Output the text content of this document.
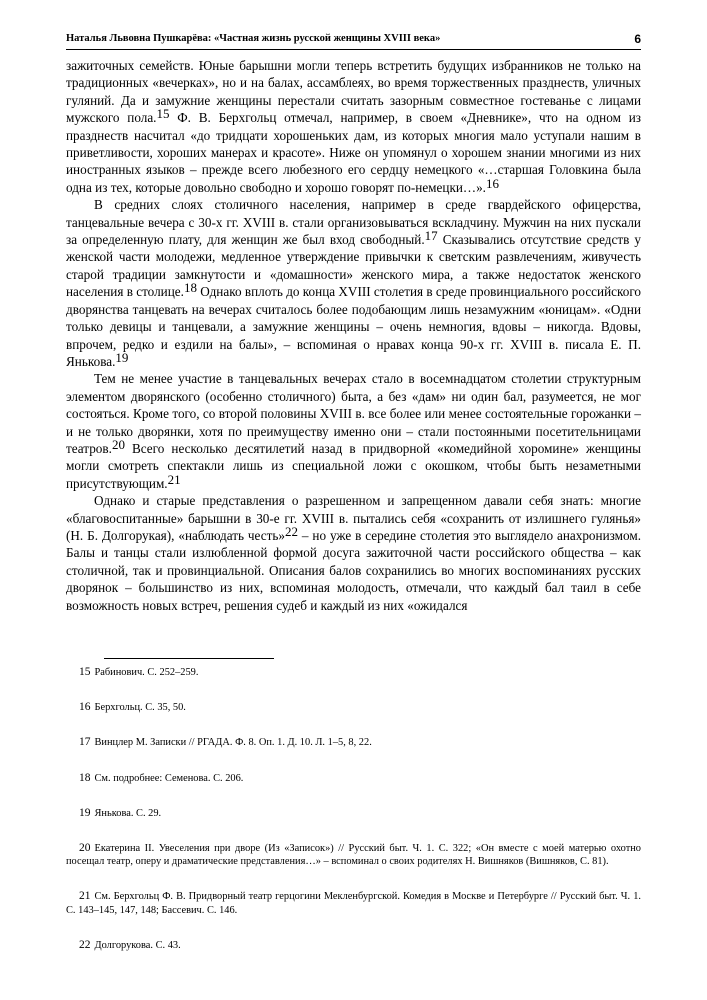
Наталья Львовна Пушкарёва: «Частная жизнь русской женщины XVIII века»	6

зажиточных семейств. Юные барышни могли теперь встретить будущих избранников не только на традиционных «вечерках», но и на балах, ассамблеях, во время торжественных празднеств, уличных гуляний. Да и замужние женщины перестали считать зазорным совместное гостеванье с лицами мужского пола.15 Ф. В. Берхгольц отмечал, например, в своем «Дневнике», что на одном из празднеств насчитал «до тридцати хорошеньких дам, из которых многия мало уступали нашим в приветливости, хороших манерах и красоте». Ниже он упомянул о хорошем знании многими из них иностранных языков – прежде всего любезного его сердцу немецкого «…старшая Головкина была одна из тех, которые довольно свободно и хорошо говорят по-немецки…».16

В средних слоях столичного населения, например в среде гвардейского офицерства, танцевальные вечера с 30-х гг. XVIII в. стали организовываться вскладчину. Мужчин на них пускали за определенную плату, для женщин же был вход свободный.17 Сказывались отсутствие средств у женской части молодежи, медленное утверждение привычки к светским развлечениям, живучесть старой традиции замкнутости и «домашности» женского мира, а также недостаток женского населения в столице.18 Однако вплоть до конца XVIII столетия в среде провинциального российского дворянства танцевать на вечерах считалось более подобающим лишь незамужним «юницам». «Одни только девицы и танцевали, а замужние женщины – очень немногия, вдовы – никогда. Вдовы, впрочем, редко и ездили на балы», – вспоминая о нравах конца 90-х гг. XVIII в. писала Е. П. Янькова.19

Тем не менее участие в танцевальных вечерах стало в восемнадцатом столетии структурным элементом дворянского (особенно столичного) быта, а без «дам» ни один бал, разумеется, не мог состояться. Кроме того, со второй половины XVIII в. все более или менее состоятельные горожанки – и не только дворянки, хотя по преимуществу именно они – стали постоянными посетительницами театров.20 Всего несколько десятилетий назад в придворной «комедийной хоромине» женщины могли смотреть спектакли лишь из специальной ложи с окошком, чтобы быть незаметными присутствующим.21

Однако и старые представления о разрешенном и запрещенном давали себя знать: многие «благовоспитанные» барышни в 30-е гг. XVIII в. пытались себя «сохранить от излишнего гулянья» (Н. Б. Долгорукая), «наблюдать честь»22 – но уже в середине столетия это выглядело анахронизмом. Балы и танцы стали излюбленной формой досуга зажиточной части российского общества – как столичной, так и провинциальной. Описания балов сохранились во многих воспоминаниях русских дворянок – большинство из них, вспоминая молодость, отмечали, что каждый бал таил в себе возможность новых встреч, решения судеб и каждый из них «ожидался

15 Рабинович. С. 252–259.

16 Берхгольц. С. 35, 50.

17 Винцлер М. Записки // РГАДА. Ф. 8. Оп. 1. Д. 10. Л. 1–5, 8, 22.

18 См. подробнее: Семенова. С. 206.

19 Янькова. С. 29.

20 Екатерина II. Увеселения при дворе (Из «Записок») // Русский быт. Ч. 1. С. 322; «Он вместе с моей матерью охотно посещал театр, оперу и драматические представления…» – вспоминал о своих родителях Н. Вишняков (Вишняков, С. 81).

21 См. Берхгольц Ф. В. Придворный театр герцогини Мекленбургской. Комедия в Москве и Петербурге // Русский быт. Ч. 1. С. 143–145, 147, 148; Бассевич. С. 146.

22 Долгорукова. С. 43.
